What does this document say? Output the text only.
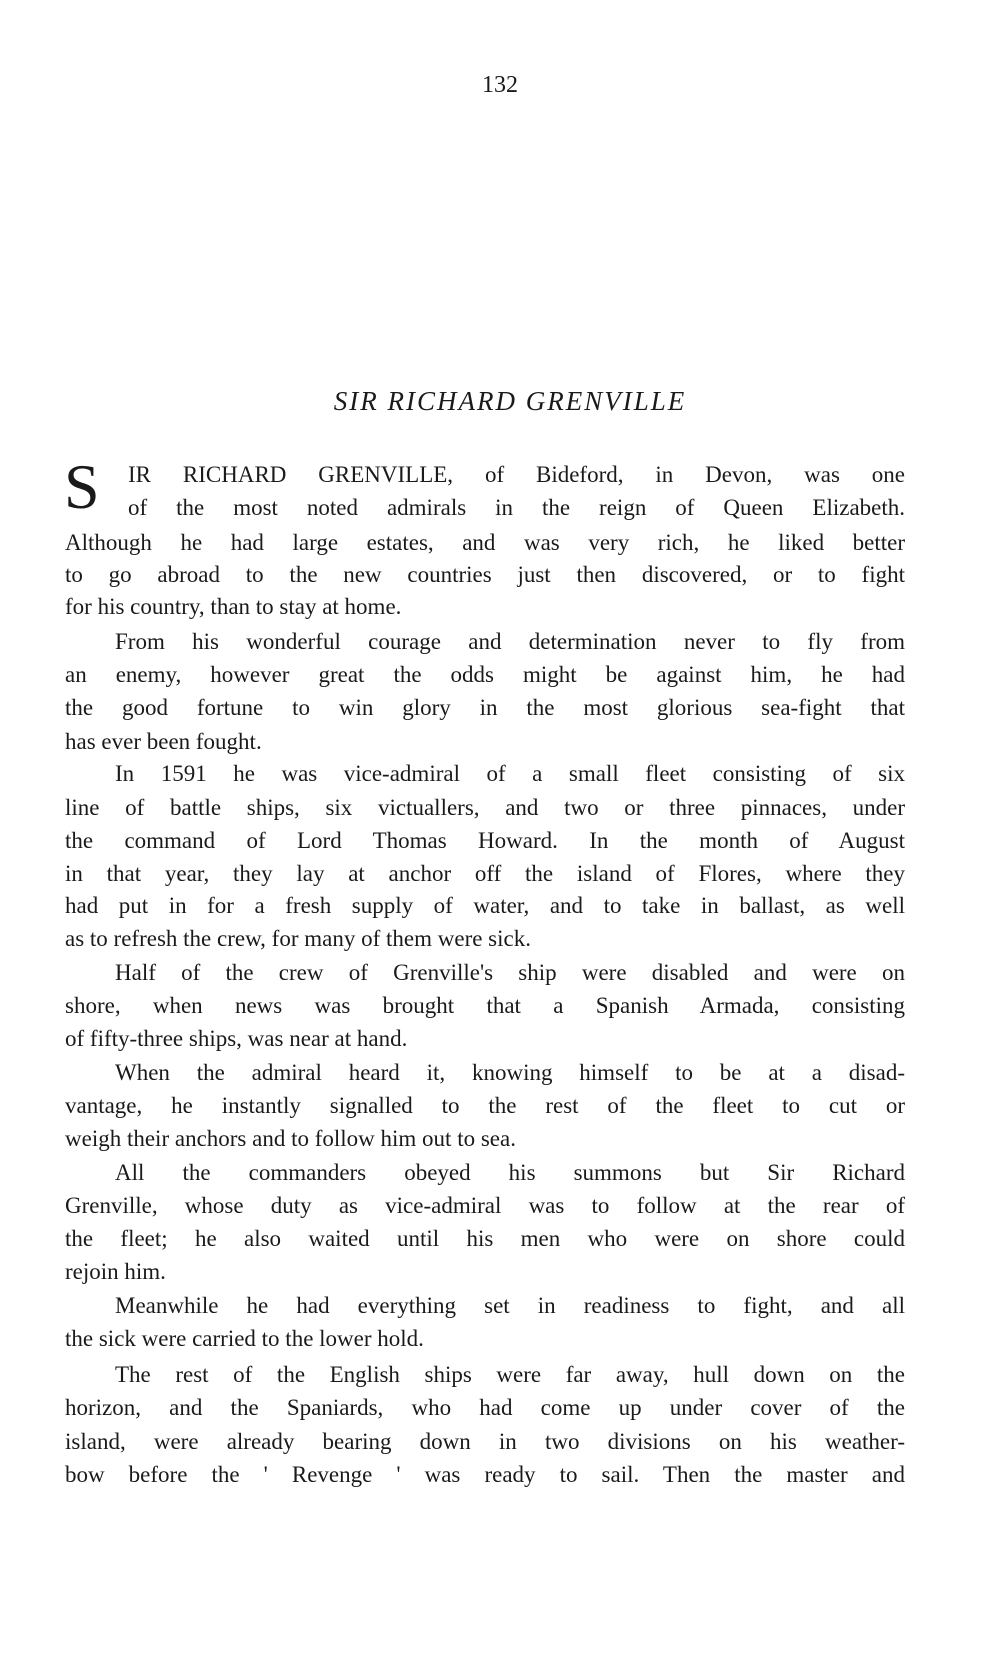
132
SIR RICHARD GRENVILLE
S IR RICHARD GRENVILLE, of Bideford, in Devon, was one
of the most noted admirals in the reign of Queen Elizabeth.
Although he had large estates, and was very rich, he liked better
to go abroad to the new countries just then discovered, or to fight
for his country, than to stay at home.
From his wonderful courage and determination never to fly from
an enemy, however great the odds might be against him, he had
the good fortune to win glory in the most glorious sea-fight that
has ever been fought.
In 1591 he was vice-admiral of a small fleet consisting of six
line of battle ships, six victuallers, and two or three pinnaces, under
the command of Lord Thomas Howard. In the month of August
in that year, they lay at anchor off the island of Flores, where they
had put in for a fresh supply of water, and to take in ballast, as well
as to refresh the crew, for many of them were sick.
Half of the crew of Grenville's ship were disabled and were on
shore, when news was brought that a Spanish Armada, consisting
of fifty-three ships, was near at hand.
When the admiral heard it, knowing himself to be at a disad-
vantage, he instantly signalled to the rest of the fleet to cut or
weigh their anchors and to follow him out to sea.
All the commanders obeyed his summons but Sir Richard
Grenville, whose duty as vice-admiral was to follow at the rear of
the fleet; he also waited until his men who were on shore could
rejoin him.
Meanwhile he had everything set in readiness to fight, and all
the sick were carried to the lower hold.
The rest of the English ships were far away, hull down on the
horizon, and the Spaniards, who had come up under cover of the
island, were already bearing down in two divisions on his weather-
bow before the ' Revenge ' was ready to sail. Then the master and
